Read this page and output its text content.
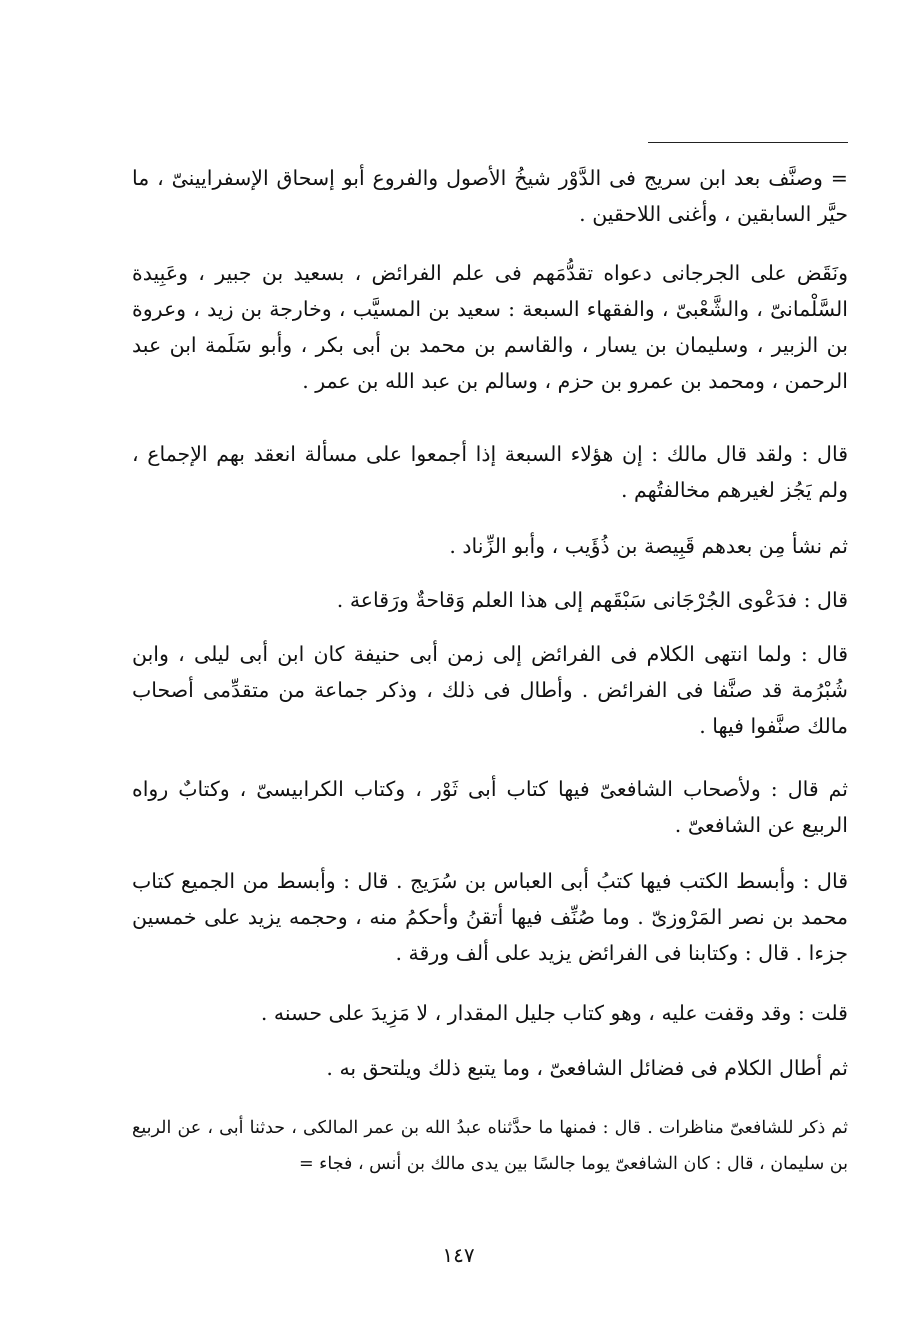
= وصنَّف بعد ابن سريج فى الدَّوْر شيخُ الأصول والفروع أبو إسحاق الإسفرايينىّ ، ما حيَّر السابقين ، وأغنى اللاحقين .
ونَقَض على الجرجانى دعواه تقدُّمَهم فى علم الفرائض ، بسعيد بن جبير ، وعَبِيدة السَّلْمانىّ ، والشَّعْبىّ ، والفقهاء السبعة : سعيد بن المسيَّب ، وخارجة بن زيد ، وعروة بن الزبير ، وسليمان بن يسار ، والقاسم بن محمد بن أبى بكر ، وأبو سَلَمة ابن عبد الرحمن ، ومحمد بن عمرو بن حزم ، وسالم بن عبد الله بن عمر .
قال : ولقد قال مالك : إن هؤلاء السبعة إذا أجمعوا على مسألة انعقد بهم الإجماع ، ولم يَجُز لغيرهم مخالفتُهم .
ثم نشأ مِن بعدهم قَبِيصة بن ذُؤَيب ، وأبو الزِّناد .
قال : فدَعْوى الجُرْجَانى سَبْقَهم إلى هذا العلم وَقاحةٌ ورَقاعة .
قال : ولما انتهى الكلام فى الفرائض إلى زمن أبى حنيفة كان ابن أبى ليلى ، وابن شُبْرُمة قد صنَّفا فى الفرائض . وأطال فى ذلك ، وذكر جماعة من متقدِّمى أصحاب مالك صنَّفوا فيها .
ثم قال : ولأصحاب الشافعىّ فيها كتاب أبى ثَوْر ، وكتاب الكرابيسىّ ، وكتابٌ رواه الربيع عن الشافعىّ .
قال : وأبسط الكتب فيها كتبُ أبى العباس بن سُرَيج . قال : وأبسط من الجميع كتاب محمد بن نصر المَرْوزىّ . وما صُنِّف فيها أتقنُ وأحكمُ منه ، وحجمه يزيد على خمسين جزءا . قال : وكتابنا فى الفرائض يزيد على ألف ورقة .
قلت : وقد وقفت عليه ، وهو كتاب جليل المقدار ، لا مَزِيدَ على حسنه .
ثم أطال الكلام فى فضائل الشافعىّ ، وما يتبع ذلك ويلتحق به .
ثم ذكر للشافعىّ مناظرات . قال : فمنها ما حدَّثناه عبدُ الله بن عمر المالكى ، حدثنا أبى ، عن الربيع بن سليمان ، قال : كان الشافعىّ يوما جالسًا بين يدى مالك بن أنس ، فجاء =
١٤٧
